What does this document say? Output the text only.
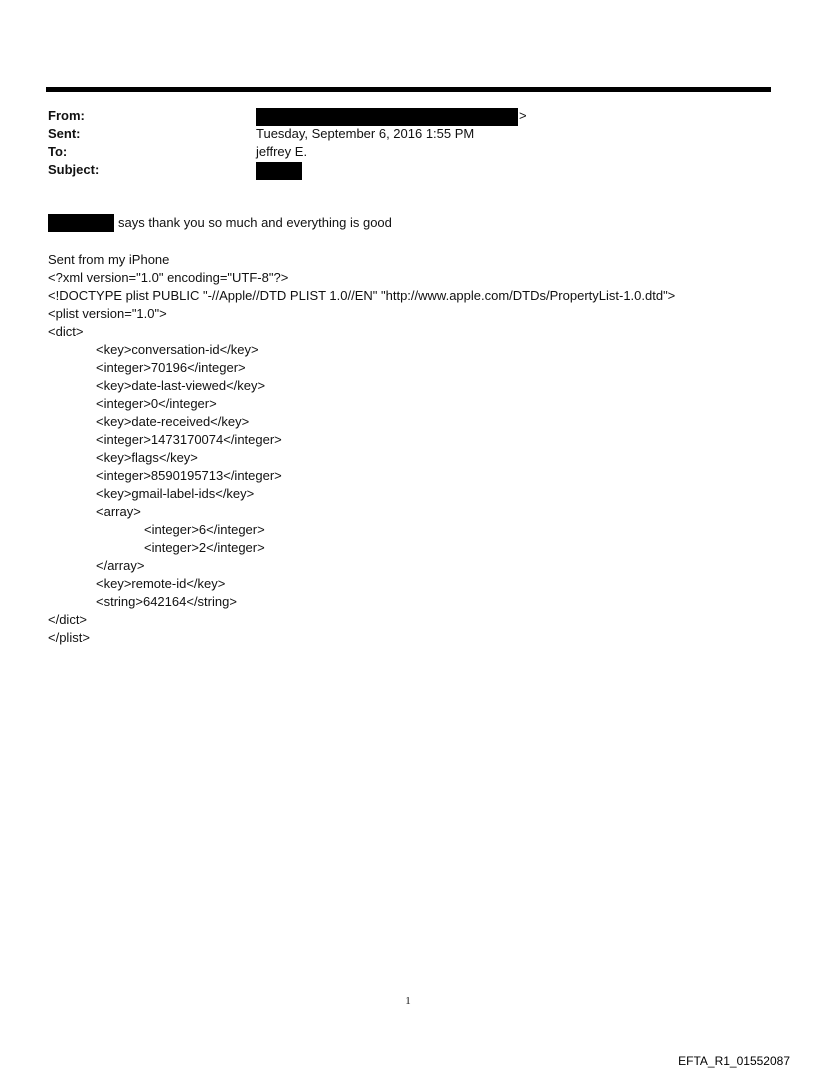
From:	>
Sent:	Tuesday, September 6, 2016 1:55 PM
To:	jeffrey E.
Subject:
says thank you so much and everything is good
Sent from my iPhone
<?xml version="1.0" encoding="UTF-8"?>
<!DOCTYPE plist PUBLIC "-//Apple//DTD PLIST 1.0//EN" "http://www.apple.com/DTDs/PropertyList-1.0.dtd">
<plist version="1.0">
<dict>
<key>conversation-id</key>
<integer>70196</integer>
<key>date-last-viewed</key>
<integer>0</integer>
<key>date-received</key>
<integer>1473170074</integer>
<key>flags</key>
<integer>8590195713</integer>
<key>gmail-label-ids</key>
<array>
<integer>6</integer>
<integer>2</integer>
</array>
<key>remote-id</key>
<string>642164</string>
</dict>
</plist>
1
EFTA_R1_01552087
